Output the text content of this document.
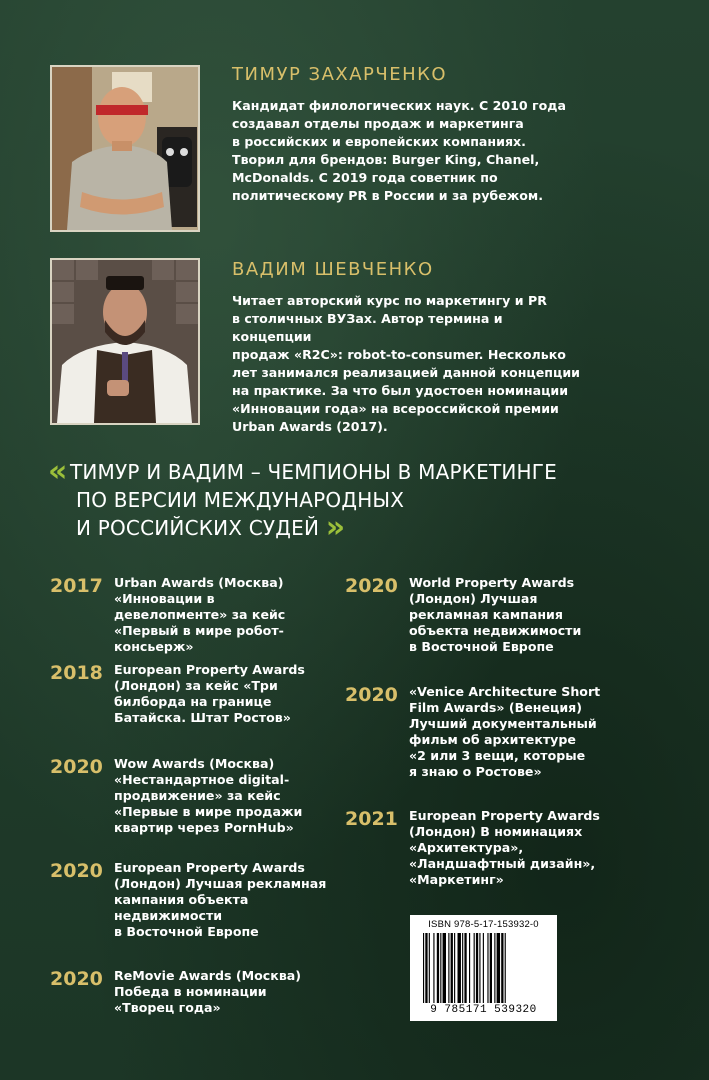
ТИМУР ЗАХАРЧЕНКО
Кандидат филологических наук. С 2010 года
создавал отделы продаж и маркетинга
в российских и европейских компаниях.
Творил для брендов: Burger King, Chanel,
McDonalds. С 2019 года советник по
политическому PR в России и за рубежом.
ВАДИМ ШЕВЧЕНКО
Читает авторский курс по маркетингу и PR
в столичных ВУЗах. Автор термина и концепции
продаж «R2C»: robot-to-consumer. Несколько
лет занимался реализацией данной концепции
на практике. За что был удостоен номинации
«Инновации года» на всероссийской премии
Urban Awards (2017).
« ТИМУР И ВАДИМ – ЧЕМПИОНЫ В МАРКЕТИНГЕ
ПО ВЕРСИИ МЕЖДУНАРОДНЫХ
И РОССИЙСКИХ СУДЕЙ »
2017 Urban Awards (Москва)
«Инновации в
девелопменте» за кейс
«Первый в мире робот-
консьерж»
2018 European Property Awards
(Лондон) за кейс «Три
билборда на границе
Батайска. Штат Ростов»
2020 Wow Awards (Москва)
«Нестандартное digital-
продвижение» за кейс
«Первые в мире продажи
квартир через PornHub»
2020 European Property Awards
(Лондон) Лучшая рекламная
кампания объекта
недвижимости
в Восточной Европе
2020 ReMovie Awards (Москва)
Победа в номинации
«Творец года»
2020 World Property Awards
(Лондон) Лучшая
рекламная кампания
объекта недвижимости
в Восточной Европе
2020 «Venice Architecture Short
Film Awards» (Венеция)
Лучший документальный
фильм об архитектуре
«2 или 3 вещи, которые
я знаю о Ростове»
2021 European Property Awards
(Лондон) В номинациях
«Архитектура»,
«Ландшафтный дизайн»,
«Маркетинг»
ISBN 978-5-17-153932-0
9 785171 539320
